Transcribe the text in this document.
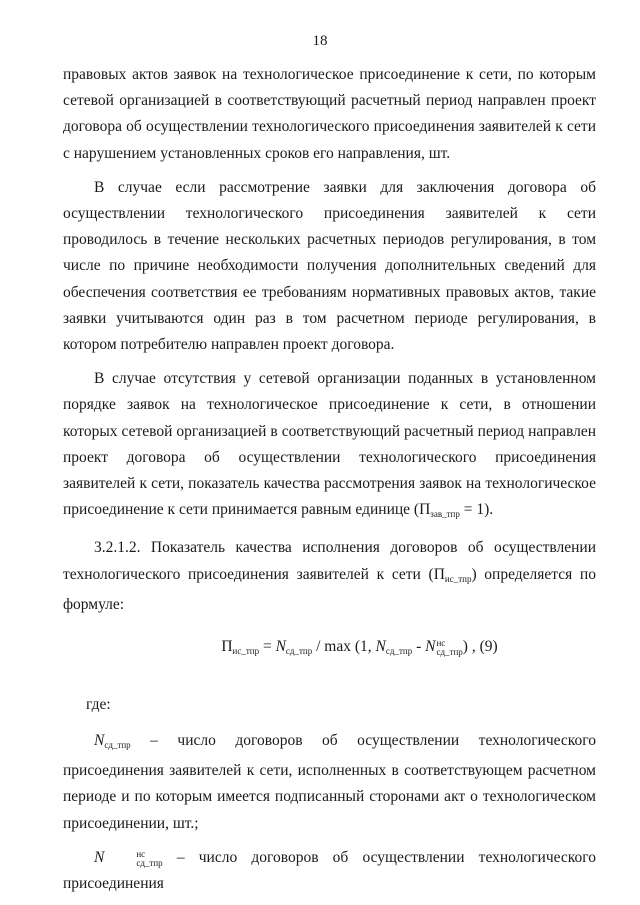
18

правовых актов заявок на технологическое присоединение к сети, по которым сетевой организацией в соответствующий расчетный период направлен проект договора об осуществлении технологического присоединения заявителей к сети с нарушением установленных сроков его направления, шт.

В случае если рассмотрение заявки для заключения договора об осуществлении технологического присоединения заявителей к сети проводилось в течение нескольких расчетных периодов регулирования, в том числе по причине необходимости получения дополнительных сведений для обеспечения соответствия ее требованиям нормативных правовых актов, такие заявки учитываются один раз в том расчетном периоде регулирования, в котором потребителю направлен проект договора.

В случае отсутствия у сетевой организации поданных в установленном порядке заявок на технологическое присоединение к сети, в отношении которых сетевой организацией в соответствующий расчетный период направлен проект договора об осуществлении технологического присоединения заявителей к сети, показатель качества рассмотрения заявок на технологическое присоединение к сети принимается равным единице $(П_{зав\_тпр} = 1)$.

3.2.1.2. Показатель качества исполнения договоров об осуществлении технологического присоединения заявителей к сети $(П_{ис\_тпр})$ определяется по формуле:

$П_{ис\_тпр} = N_{сд\_тпр} / \max (1$, $N_{сд\_тпр}$ - N нс
сд_тпр ) , (9)
где:

$N_{сд\_тпр}$ – число договоров об осуществлении технологического присоединения заявителей к сети, исполненных в соответствующем расчетном периоде и по которым имеется подписанный сторонами акт о технологическом присоединении, шт.;

N	нс
сд_тпр – число договоров об осуществлении технологического присоединения
